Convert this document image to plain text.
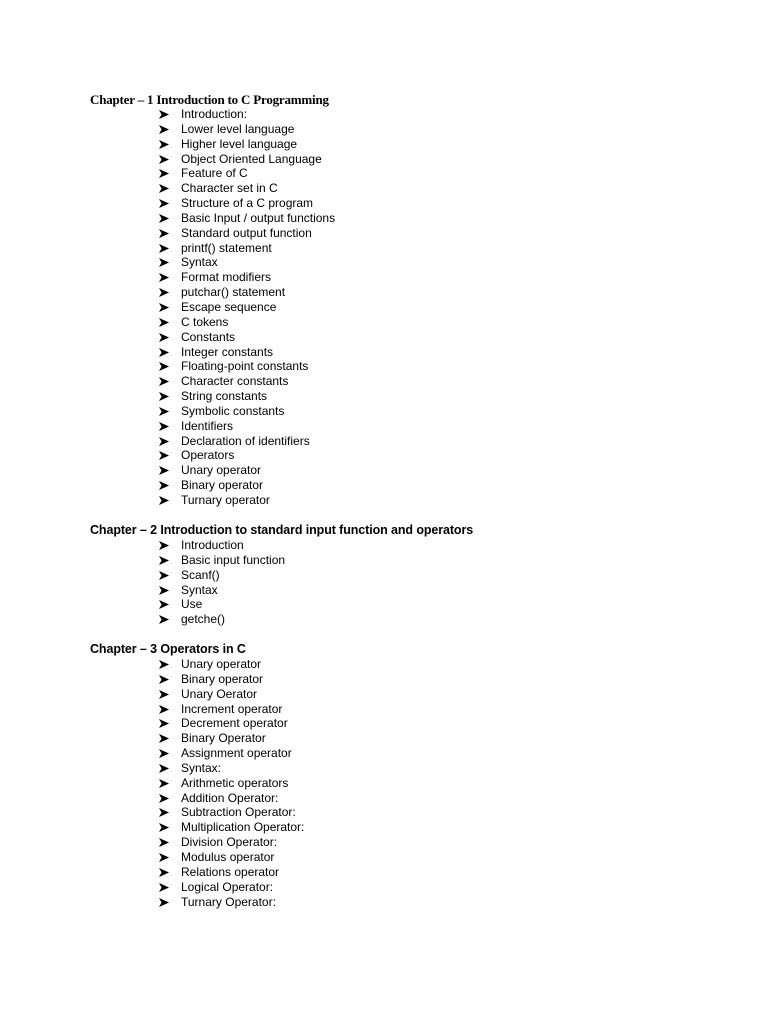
Chapter – 1 Introduction to C Programming
Introduction:
Lower level language
Higher level language
Object Oriented Language
Feature of C
Character set in C
Structure of a C program
Basic Input / output functions
Standard output function
printf() statement
Syntax
Format modifiers
putchar() statement
Escape sequence
C tokens
Constants
Integer constants
Floating-point constants
Character constants
String constants
Symbolic constants
Identifiers
Declaration of identifiers
Operators
Unary operator
Binary operator
Turnary operator
Chapter – 2 Introduction to standard input function and operators
Introduction
Basic input function
Scanf()
Syntax
Use
getche()
Chapter – 3 Operators in C
Unary operator
Binary operator
Unary Oerator
Increment operator
Decrement operator
Binary Operator
Assignment operator
Syntax:
Arithmetic operators
Addition Operator:
Subtraction Operator:
Multiplication Operator:
Division Operator:
Modulus operator
Relations operator
Logical Operator:
Turnary Operator:
